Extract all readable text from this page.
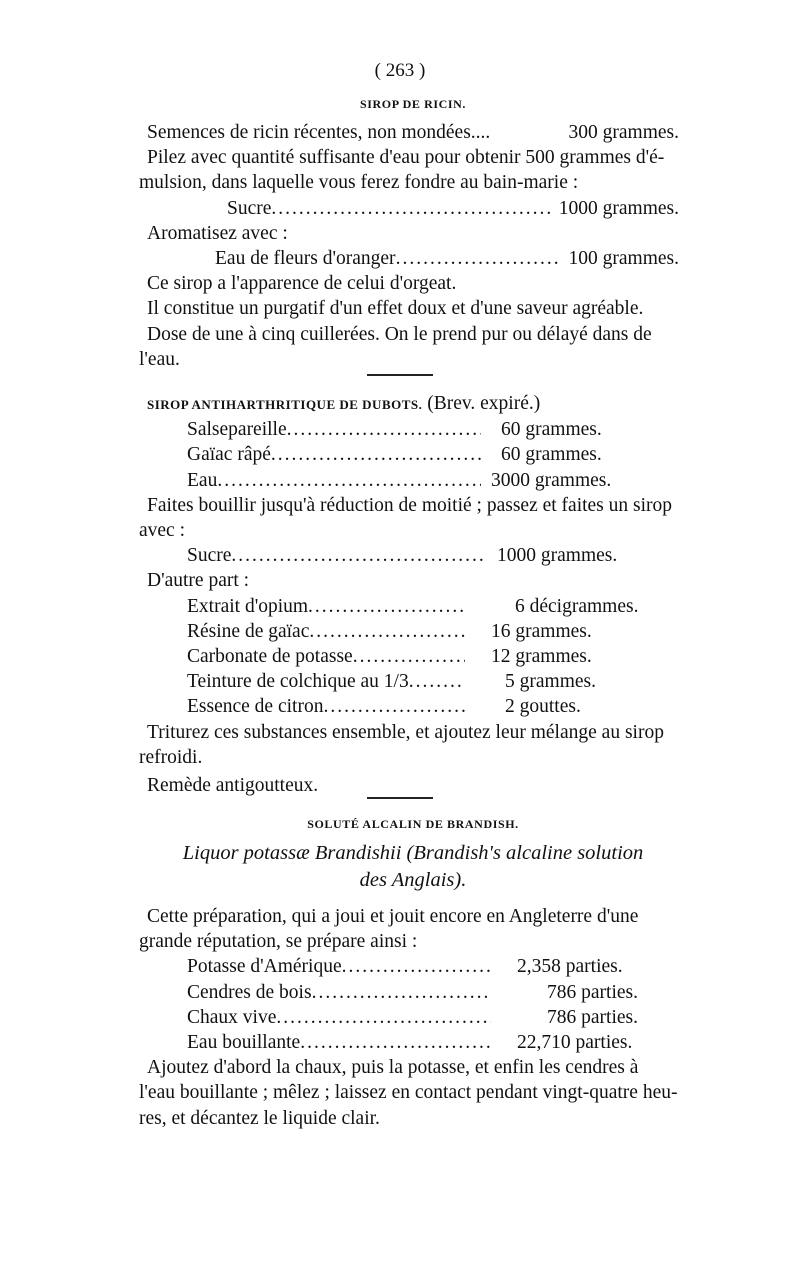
( 263 )
SIROP DE RICIN.
Semences de ricin récentes, non mondées....	300 grammes.

Pilez avec quantité suffisante d'eau pour obtenir 500 grammes d'é-

mulsion, dans laquelle vous ferez fondre au bain-marie :

Sucre .....	1000 grammes.

Aromatisez avec :

Eau de fleurs d'oranger .....	100 grammes.

Ce sirop a l'apparence de celui d'orgeat.

Il constitue un purgatif d'un effet doux et d'une saveur agréable.

Dose de une à cinq cuillerées. On le prend pur ou délayé dans de

l'eau.

SIROP ANTIHARTHRITIQUE DE DUBOTS. (Brev. expiré.)
Salsepareille .....	60 grammes.
Gaïac râpé .....	60 grammes.
Eau .....	3000 grammes.

Faites bouillir jusqu'à réduction de moitié ; passez et faites un sirop

avec :

Sucre .....	1000 grammes.

D'autre part :

Extrait d'opium .....	6 décigrammes.
Résine de gaïac .....	16 grammes.
Carbonate de potasse .....	12 grammes.
Teinture de colchique au 1/3 .....	5 grammes.
Essence de citron .....	2 gouttes.

Triturez ces substances ensemble, et ajoutez leur mélange au sirop

refroidi.

Remède antigoutteux.

SOLUTÉ ALCALIN DE BRANDISH.
Liquor potassæ Brandishii (Brandish's alcaline solution
des Anglais).

Cette préparation, qui a joui et jouit encore en Angleterre d'une

grande réputation, se prépare ainsi :

Potasse d'Amérique .....	2,358 parties.
Cendres de bois .....	786 parties.
Chaux vive .....	786 parties.
Eau bouillante .....	22,710 parties.

Ajoutez d'abord la chaux, puis la potasse, et enfin les cendres à

l'eau bouillante ; mêlez ; laissez en contact pendant vingt-quatre heu-

res, et décantez le liquide clair.
